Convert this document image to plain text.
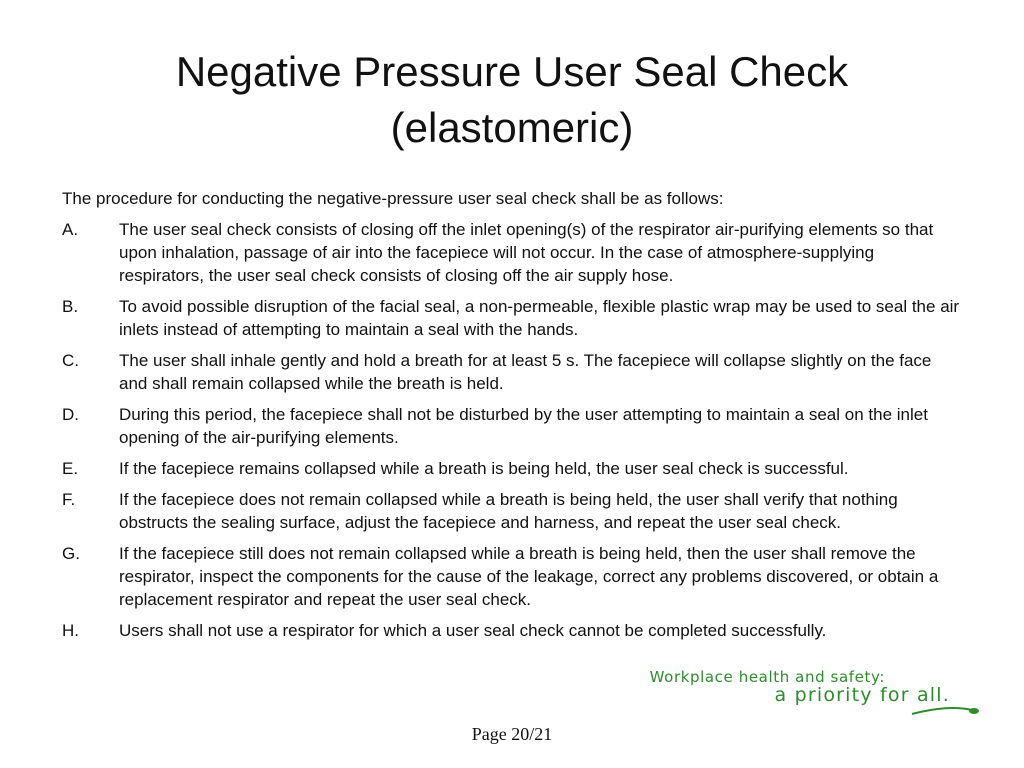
Negative Pressure User Seal Check
(elastomeric)
The procedure for conducting the negative-pressure user seal check shall be as follows:
A.	The user seal check consists of closing off the inlet opening(s) of the respirator air-purifying elements so that upon inhalation, passage of air into the facepiece will not occur. In the case of atmosphere-supplying respirators, the user seal check consists of closing off the air supply hose.
B.	To avoid possible disruption of the facial seal, a non-permeable, flexible plastic wrap may be used to seal the air inlets instead of attempting to maintain a seal with the hands.
C.	The user shall inhale gently and hold a breath for at least 5 s. The facepiece will collapse slightly on the face and shall remain collapsed while the breath is held.
D.	During this period, the facepiece shall not be disturbed by the user attempting to maintain a seal on the inlet opening of the air-purifying elements.
E.	If the facepiece remains collapsed while a breath is being held, the user seal check is successful.
F.	If the facepiece does not remain collapsed while a breath is being held, the user shall verify that nothing obstructs the sealing surface, adjust the facepiece and harness, and repeat the user seal check.
G.	If the facepiece still does not remain collapsed while a breath is being held, then the user shall remove the respirator, inspect the components for the cause of the leakage, correct any problems discovered, or obtain a replacement respirator and repeat the user seal check.
H.	Users shall not use a respirator for which a user seal check cannot be completed successfully.
Workplace health and safety:
a priority for all.
Page 20/21
